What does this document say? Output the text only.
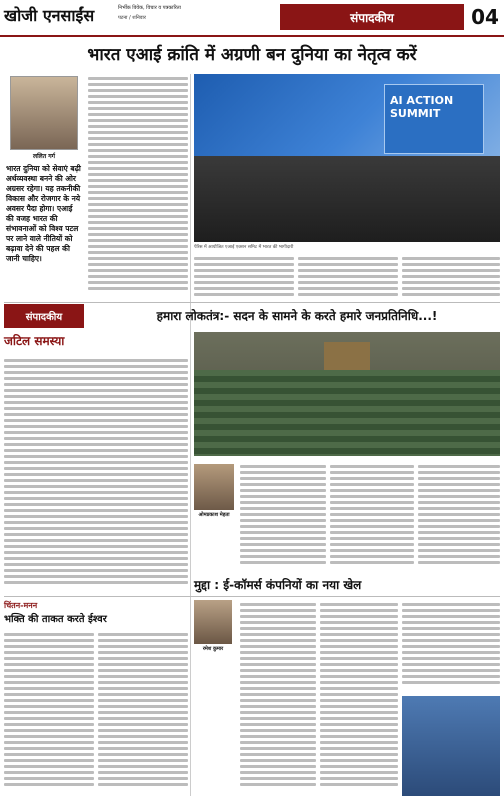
खोजी एनसाईंस	निर्भीक विवेक, विचार व पत्रकारिता
पटना / शनिवार	संपादकीय	04
भारत एआई क्रांति में अग्रणी बन दुनिया का नेतृत्व करें
ललित गर्ग
भारत दुनिया को सेवाएं बढ़ी अर्थव्यवस्था बनने की ओर अग्रसर रहेगा। यह तकनीकी विकास और रोजगार के नये अवसर पैदा होगा। एआई की वजह भारत की संभावनाओं को विश्व पटल पर लाने वाले नीतियों को बढ़ावा देने की पहल की जानी चाहिए।
AI ACTION SUMMIT
पेरिस में आयोजित एआई एक्शन समिट में भारत की भागीदारी
संपादकीय	हमारा लोकतंत्र:- सदन के सामने के करते हमारे जनप्रतिनिधि...!
जटिल समस्या
ओमप्रकाश मेहता
चिंतन-मनन
भक्ति की ताकत करते ईश्वर
मुद्दा : ई-कॉमर्स कंपनियों का नया खेल
रमेश कुमार
